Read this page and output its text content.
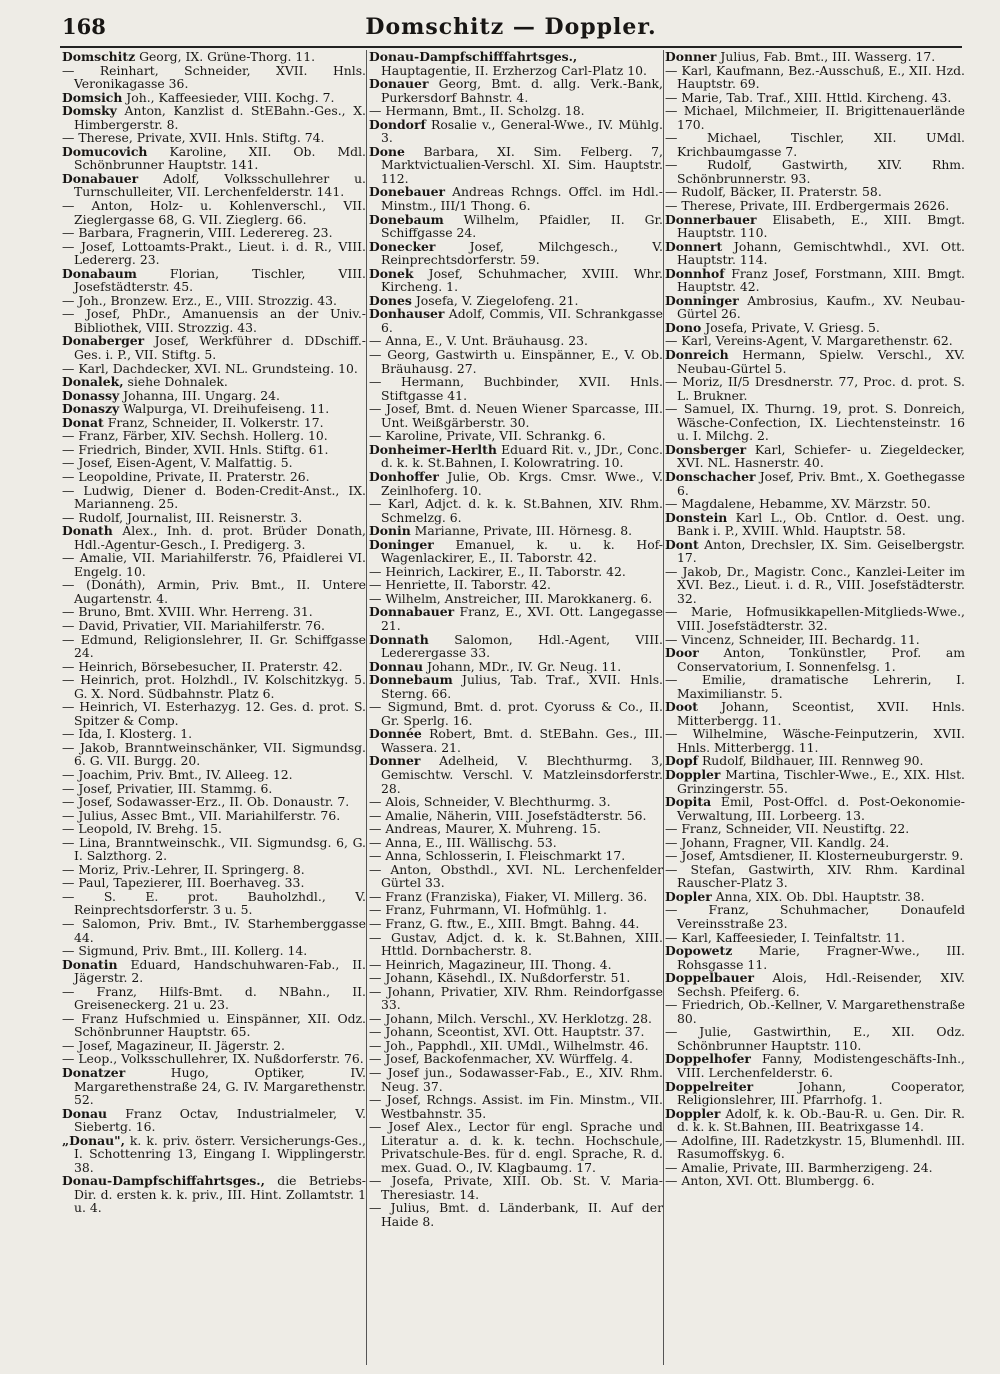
168	Domschitz — Doppler.

Domschitz Georg, IX. Grüne-Thorg. 11.

— Reinhart, Schneider, XVII. Hnls. Veronikagasse 36.

Domsich Joh., Kaffeesieder, VIII. Kochg. 7.

Domsky Anton, Kanzlist d. StEBahn.-Ges., X. Himbergerstr. 8.

— Therese, Private, XVII. Hnls. Stiftg. 74.

Domucovich Karoline, XII. Ob. Mdl. Schönbrunner Hauptstr. 141.

Donabauer Adolf, Volksschullehrer u. Turnschulleiter, VII. Lerchenfelderstr. 141.

— Anton, Holz- u. Kohlenverschl., VII. Zieglergasse 68, G. VII. Zieglerg. 66.

— Barbara, Fragnerin, VIII. Lederereg. 23.

— Josef, Lottoamts-Prakt., Lieut. i. d. R., VIII. Ledererg. 23.

Donabaum Florian, Tischler, VIII. Josefstädterstr. 45.

— Joh., Bronzew. Erz., E., VIII. Strozzig. 43.

— Josef, PhDr., Amanuensis an der Univ.-Bibliothek, VIII. Strozzig. 43.

Donaberger Josef, Werkführer d. DDschiff.-Ges. i. P., VII. Stiftg. 5.

— Karl, Dachdecker, XVI. NL. Grundsteing. 10.

Donalek, siehe Dohnalek.

Donassy Johanna, III. Ungarg. 24.

Donaszy Walpurga, VI. Dreihufeiseng. 11.

Donat Franz, Schneider, II. Volkerstr. 17.

— Franz, Färber, XIV. Sechsh. Hollerg. 10.

— Friedrich, Binder, XVII. Hnls. Stiftg. 61.

— Josef, Eisen-Agent, V. Malfattig. 5.

— Leopoldine, Private, II. Praterstr. 26.

— Ludwig, Diener d. Boden-Credit-Anst., IX. Marianneng. 25.

— Rudolf, Journalist, III. Reisnerstr. 3.

Donath Alex., Inh. d. prot. Brüder Donath, Hdl.-Agentur-Gesch., I. Predigerg. 3.

— Amalie, VII. Mariahilferstr. 76, Pfaidlerei VI. Engelg. 10.

— (Donáth), Armin, Priv. Bmt., II. Untere Augartenstr. 4.

— Bruno, Bmt. XVIII. Whr. Herreng. 31.

— David, Privatier, VII. Mariahilferstr. 76.

— Edmund, Religionslehrer, II. Gr. Schiffgasse 24.

— Heinrich, Börsebesucher, II. Praterstr. 42.

— Heinrich, prot. Holzhdl., IV. Kolschitzkyg. 5. G. X. Nord. Südbahnstr. Platz 6.

— Heinrich, VI. Esterhazyg. 12. Ges. d. prot. S. Spitzer & Comp.

— Ida, I. Klosterg. 1.

— Jakob, Branntweinschänker, VII. Sigmundsg. 6. G. VII. Burgg. 20.

— Joachim, Priv. Bmt., IV. Alleeg. 12.

— Josef, Privatier, III. Stammg. 6.

— Josef, Sodawasser-Erz., II. Ob. Donaustr. 7.

— Julius, Assec Bmt., VII. Mariahilferstr. 76.

— Leopold, IV. Brehg. 15.

— Lina, Branntweinschk., VII. Sigmundsg. 6, G. I. Salzthorg. 2.

— Moriz, Priv.-Lehrer, II. Springerg. 8.

— Paul, Tapezierer, III. Boerhaveg. 33.

— S. E. prot. Bauholzhdl., V. Reinprechtsdorferstr. 3 u. 5.

— Salomon, Priv. Bmt., IV. Starhemberggasse 44.

— Sigmund, Priv. Bmt., III. Kollerg. 14.

Donatin Eduard, Handschuhwaren-Fab., II. Jägerstr. 2.

— Franz, Hilfs-Bmt. d. NBahn., II. Greiseneckerg. 21 u. 23.

— Franz Hufschmied u. Einspänner, XII. Odz. Schönbrunner Hauptstr. 65.

— Josef, Magazineur, II. Jägerstr. 2.

— Leop., Volksschullehrer, IX. Nußdorferstr. 76.

Donatzer Hugo, Optiker, IV. Margarethenstraße 24, G. IV. Margarethenstr. 52.

Donau Franz Octav, Industrialmeler, V. Siebertg. 16.

„Donau", k. k. priv. österr. Versicherungs-Ges., I. Schottenring 13, Eingang I. Wipplingerstr. 38.

Donau-Dampfschiffahrtsges., die Betriebs-Dir. d. ersten k. k. priv., III. Hint. Zollamtstr. 1 u. 4.

Donau-Dampfschifffahrtsges., Hauptagentie, II. Erzherzog Carl-Platz 10.

Donauer Georg, Bmt. d. allg. Verk.-Bank, Purkersdorf Bahnstr. 4.

— Hermann, Bmt., II. Scholzg. 18.

Dondorf Rosalie v., General-Wwe., IV. Mühlg. 3.

Done Barbara, XI. Sim. Felberg. 7, Marktvictualien-Verschl. XI. Sim. Hauptstr. 112.

Donebauer Andreas Rchngs. Offcl. im Hdl.-Minstm., III/1 Thong. 6.

Donebaum Wilhelm, Pfaidler, II. Gr. Schiffgasse 24.

Donecker Josef, Milchgesch., V. Reinprechtsdorferstr. 59.

Donek Josef, Schuhmacher, XVIII. Whr. Kircheng. 1.

Dones Josefa, V. Ziegelofeng. 21.

Donhauser Adolf, Commis, VII. Schrankgasse 6.

— Anna, E., V. Unt. Bräuhausg. 23.

— Georg, Gastwirth u. Einspänner, E., V. Ob. Bräuhausg. 27.

— Hermann, Buchbinder, XVII. Hnls. Stiftgasse 41.

— Josef, Bmt. d. Neuen Wiener Sparcasse, III. Unt. Weißgärberstr. 30.

— Karoline, Private, VII. Schrankg. 6.

Donheimer-Herlth Eduard Rit. v., JDr., Conc. d. k. k. St.Bahnen, I. Kolowratring. 10.

Donhoffer Julie, Ob. Krgs. Cmsr. Wwe., V. Zeinlhoferg. 10.

— Karl, Adjct. d. k. k. St.Bahnen, XIV. Rhm. Schmelzg. 6.

Donin Marianne, Private, III. Hörnesg. 8.

Doninger Emanuel, k. u. k. Hof-Wagenlackirer, E., II. Taborstr. 42.

— Heinrich, Lackirer, E., II. Taborstr. 42.

— Henriette, II. Taborstr. 42.

— Wilhelm, Anstreicher, III. Marokkanerg. 6.

Donnabauer Franz, E., XVI. Ott. Langegasse 21.

Donnath Salomon, Hdl.-Agent, VIII. Lederergasse 33.

Donnau Johann, MDr., IV. Gr. Neug. 11.

Donnebaum Julius, Tab. Traf., XVII. Hnls. Sterng. 66.

— Sigmund, Bmt. d. prot. Cyoruss & Co., II. Gr. Sperlg. 16.

Donnée Robert, Bmt. d. StEBahn. Ges., III. Wassera. 21.

Donner Adelheid, V. Blechthurmg. 3, Gemischtw. Verschl. V. Matzleinsdorferstr. 28.

— Alois, Schneider, V. Blechthurmg. 3.

— Amalie, Näherin, VIII. Josefstädterstr. 56.

— Andreas, Maurer, X. Muhreng. 15.

— Anna, E., III. Wällischg. 53.

— Anna, Schlosserin, I. Fleischmarkt 17.

— Anton, Obsthdl., XVI. NL. Lerchenfelder Gürtel 33.

— Franz (Franziska), Fiaker, VI. Millerg. 36.

— Franz, Fuhrmann, VI. Hofmühlg. 1.

— Franz, G. ftw., E., XIII. Bmgt. Bahng. 44.

— Gustav, Adjct. d. k. k. St.Bahnen, XIII. Httld. Dornbacherstr. 8.

— Heinrich, Magazineur, III. Thong. 4.

— Johann, Käsehdl., IX. Nußdorferstr. 51.

— Johann, Privatier, XIV. Rhm. Reindorfgasse 33.

— Johann, Milch. Verschl., XV. Herklotzg. 28.

— Johann, Sceontist, XVI. Ott. Hauptstr. 37.

— Joh., Papphdl., XII. UMdl., Wilhelmstr. 46.

— Josef, Backofenmacher, XV. Würffelg. 4.

— Josef jun., Sodawasser-Fab., E., XIV. Rhm. Neug. 37.

— Josef, Rchngs. Assist. im Fin. Minstm., VII. Westbahnstr. 35.

— Josef Alex., Lector für engl. Sprache und Literatur a. d. k. k. techn. Hochschule, Privatschule-Bes. für d. engl. Sprache, R. d. mex. Guad. O., IV. Klagbaumg. 17.

— Josefa, Private, XIII. Ob. St. V. Maria-Theresiastr. 14.

— Julius, Bmt. d. Länderbank, II. Auf der Haide 8.

Donner Julius, Fab. Bmt., III. Wasserg. 17.

— Karl, Kaufmann, Bez.-Ausschuß, E., XII. Hzd. Hauptstr. 69.

— Marie, Tab. Traf., XIII. Httld. Kircheng. 43.

— Michael, Milchmeier, II. Brigittenauerlände 170.

— Michael, Tischler, XII. UMdl. Krichbaumgasse 7.

— Rudolf, Gastwirth, XIV. Rhm. Schönbrunnerstr. 93.

— Rudolf, Bäcker, II. Praterstr. 58.

— Therese, Private, III. Erdbergermais 2626.

Donnerbauer Elisabeth, E., XIII. Bmgt. Hauptstr. 110.

Donnert Johann, Gemischtwhdl., XVI. Ott. Hauptstr. 114.

Donnhof Franz Josef, Forstmann, XIII. Bmgt. Hauptstr. 42.

Donninger Ambrosius, Kaufm., XV. Neubau-Gürtel 26.

Dono Josefa, Private, V. Griesg. 5.

— Karl, Vereins-Agent, V. Margarethenstr. 62.

Donreich Hermann, Spielw. Verschl., XV. Neubau-Gürtel 5.

— Moriz, II/5 Dresdnerstr. 77, Proc. d. prot. S. L. Brukner.

— Samuel, IX. Thurng. 19, prot. S. Donreich, Wäsche-Confection, IX. Liechtensteinstr. 16 u. I. Milchg. 2.

Donsberger Karl, Schiefer- u. Ziegeldecker, XVI. NL. Hasnerstr. 40.

Donschacher Josef, Priv. Bmt., X. Goethegasse 6.

— Magdalene, Hebamme, XV. Märzstr. 50.

Donstein Karl L., Ob. Cntlor. d. Oest. ung. Bank i. P., XVIII. Whld. Hauptstr. 58.

Dont Anton, Drechsler, IX. Sim. Geiselbergstr. 17.

— Jakob, Dr., Magistr. Conc., Kanzlei-Leiter im XVI. Bez., Lieut. i. d. R., VIII. Josefstädterstr. 32.

— Marie, Hofmusikkapellen-Mitglieds-Wwe., VIII. Josefstädterstr. 32.

— Vincenz, Schneider, III. Bechardg. 11.

Door Anton, Tonkünstler, Prof. am Conservatorium, I. Sonnenfelsg. 1.

— Emilie, dramatische Lehrerin, I. Maximilianstr. 5.

Doot Johann, Sceontist, XVII. Hnls. Mitterbergg. 11.

— Wilhelmine, Wäsche-Feinputzerin, XVII. Hnls. Mitterbergg. 11.

Dopf Rudolf, Bildhauer, III. Rennweg 90.

Doppler Martina, Tischler-Wwe., E., XIX. Hlst. Grinzingerstr. 55.

Dopita Emil, Post-Offcl. d. Post-Oekonomie-Verwaltung, III. Lorbeerg. 13.

— Franz, Schneider, VII. Neustiftg. 22.

— Johann, Fragner, VII. Kandlg. 24.

— Josef, Amtsdiener, II. Klosterneuburgerstr. 9.

— Stefan, Gastwirth, XIV. Rhm. Kardinal Rauscher-Platz 3.

Dopler Anna, XIX. Ob. Dbl. Hauptstr. 38.

— Franz, Schuhmacher, Donaufeld Vereinsstraße 23.

— Karl, Kaffeesieder, I. Teinfaltstr. 11.

Dopowetz Marie, Fragner-Wwe., III. Rohsgasse 11.

Doppelbauer Alois, Hdl.-Reisender, XIV. Sechsh. Pfeiferg. 6.

— Friedrich, Ob.-Kellner, V. Margarethenstraße 80.

— Julie, Gastwirthin, E., XII. Odz. Schönbrunner Hauptstr. 110.

Doppelhofer Fanny, Modistengeschäfts-Inh., VIII. Lerchenfelderstr. 6.

Doppelreiter Johann, Cooperator, Religionslehrer, III. Pfarrhofg. 1.

Doppler Adolf, k. k. Ob.-Bau-R. u. Gen. Dir. R. d. k. k. St.Bahnen, III. Beatrixgasse 14.

— Adolfine, III. Radetzkystr. 15, Blumenhdl. III. Rasumoffskyg. 6.

— Amalie, Private, III. Barmherzigeng. 24.

— Anton, XVI. Ott. Blumbergg. 6.
